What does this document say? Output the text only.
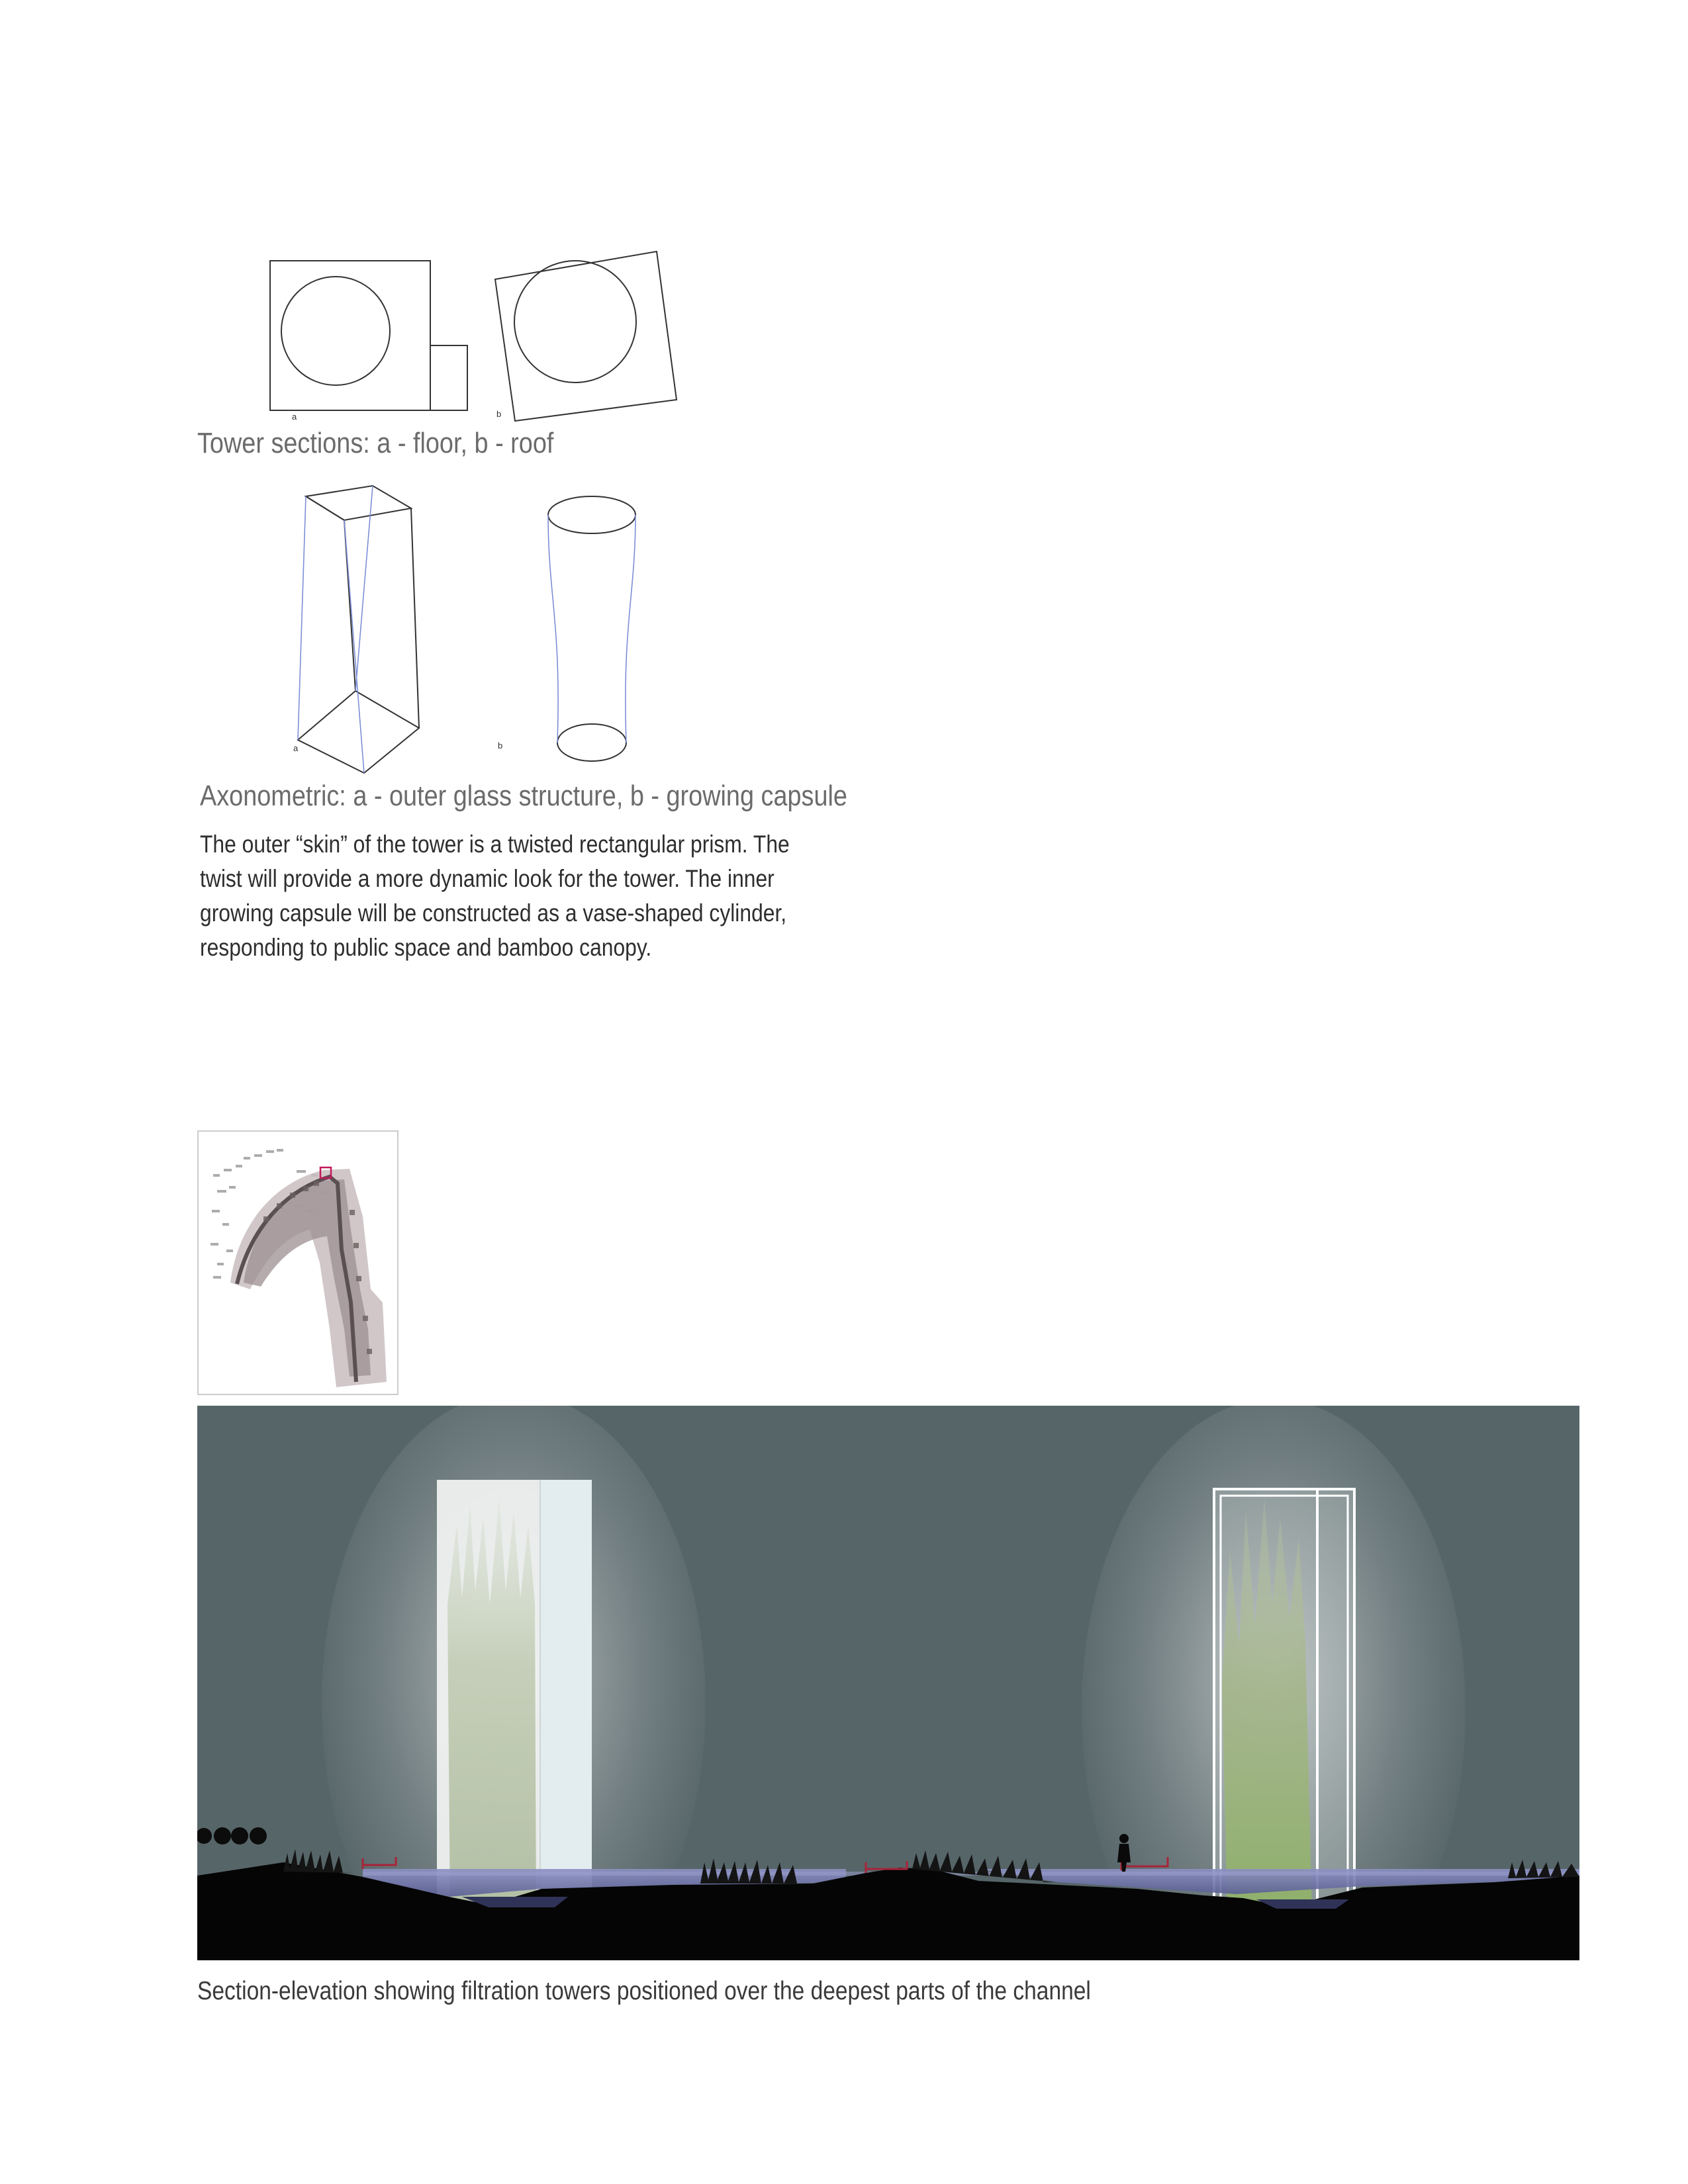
a	b
Tower sections: a - floor, b - roof
a	b
Axonometric: a - outer glass structure, b - growing capsule
The outer “skin” of the tower is a twisted rectangular prism. The
twist will provide a more dynamic look for the tower. The inner
growing capsule will be constructed as a vase-shaped cylinder,
responding to public space and bamboo canopy.
Section-elevation showing filtration towers positioned over the deepest parts of the channel
